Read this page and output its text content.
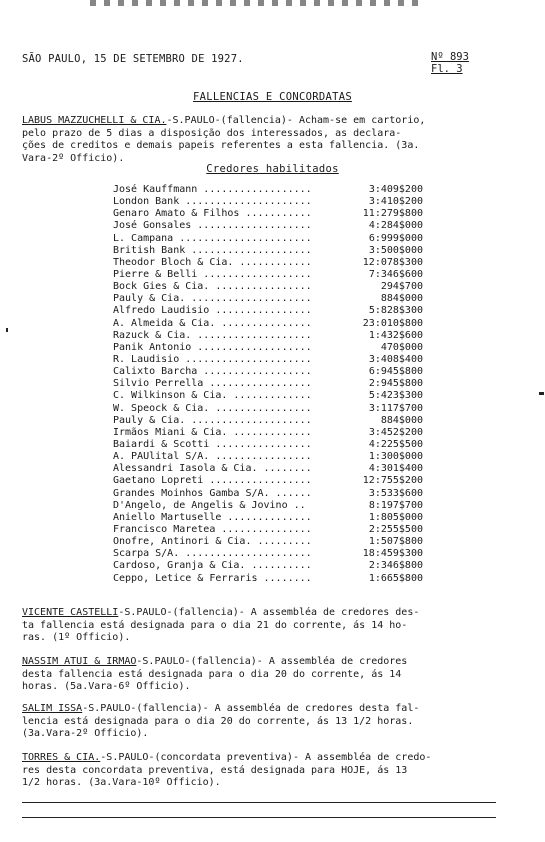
SÃO PAULO, 15 DE SETEMBRO DE 1927.	Nº 893
Fl. 3
FALLENCIAS E CONCORDATAS
LABUS MAZZUCHELLI & CIA.-S.PAULO-(fallencia)- Acham-se em cartorio,
pelo prazo de 5 dias a disposição dos interessados, as declara-
ções de creditos e demais papeis referentes a esta fallencia. (3a.
Vara-2º Officio).
Credores habilitados
José Kauffmann ..................	3:409$200
London Bank .....................	3:410$200
Genaro Amato & Filhos ...........	11:279$800
José Gonsales ...................	4:284$000
L. Campana ......................	6:999$000
British Bank ....................	3:500$000
Theodor Bloch & Cia. ............	12:078$300
Pierre & Belli ..................	7:346$600
Bock Gies & Cia. ................	294$700
Pauly & Cia. ....................	884$000
Alfredo Laudisio ................	5:828$300
A. Almeida & Cia. ...............	23:010$800
Razuck & Cia. ...................	1:432$600
Panik Antonio ...................	470$000
R. Laudisio .....................	3:408$400
Calixto Barcha ..................	6:945$800
Silvio Perrella .................	2:945$800
C. Wilkinson & Cia. .............	5:423$300
W. Speock & Cia. ................	3:117$700
Pauly & Cia. ....................	884$000
Irmãos Miani & Cia. .............	3:452$200
Baiardi & Scotti ................	4:225$500
A. PAUlital S/A. ................	1:300$000
Alessandri Iasola & Cia. ........	4:301$400
Gaetano Lopreti .................	12:755$200
Grandes Moinhos Gamba S/A. ......	3:533$600
D'Angelo, de Angelis & Jovino ..	8:197$700
Aniello Martuselle ..............	1:805$000
Francisco Maretea ...............	2:255$500
Onofre, Antinori & Cia. .........	1:507$800
Scarpa S/A. .....................	18:459$300
Cardoso, Granja & Cia. ..........	2:346$800
Ceppo, Letice & Ferraris ........	1:665$800
VICENTE CASTELLI-S.PAULO-(fallencia)- A assembléa de credores des-
ta fallencia está designada para o dia 21 do corrente, ás 14 ho-
ras. (1º Officio).
NASSIM ATUI & IRMÃO-S.PAULO-(fallencia)- A assembléa de credores
desta fallencia está designada para o dia 20 do corrente, ás 14
horas. (5a.Vara-6º Officio).
SALIM ISSA-S.PAULO-(fallencia)- A assembléa de credores desta fal-
lencia está designada para o dia 20 do corrente, ás 13 1/2 horas.
(3a.Vara-2º Officio).
TORRES & CIA.-S.PAULO-(concordata preventiva)- A assembléa de credo-
res desta concordata preventiva, está designada para HOJE, ás 13
1/2 horas. (3a.Vara-10º Officio).
